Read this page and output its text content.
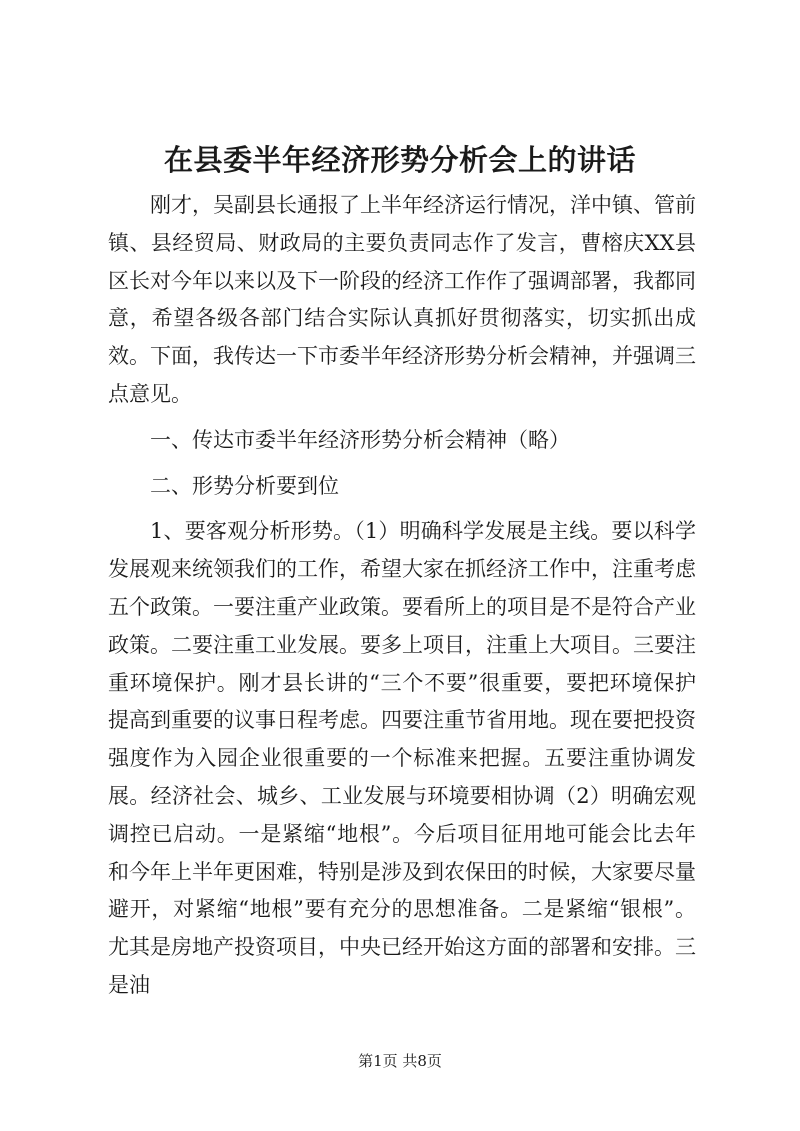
在县委半年经济形势分析会上的讲话

刚才，吴副县长通报了上半年经济运行情况，洋中镇、管前镇、县经贸局、财政局的主要负责同志作了发言，曹榕庆XX县区长对今年以来以及下一阶段的经济工作作了强调部署，我都同意，希望各级各部门结合实际认真抓好贯彻落实，切实抓出成效。下面，我传达一下市委半年经济形势分析会精神，并强调三点意见。

一、传达市委半年经济形势分析会精神（略）

二、形势分析要到位

1、要客观分析形势。（1）明确科学发展是主线。要以科学发展观来统领我们的工作，希望大家在抓经济工作中，注重考虑五个政策。一要注重产业政策。要看所上的项目是不是符合产业政策。二要注重工业发展。要多上项目，注重上大项目。三要注重环境保护。刚才县长讲的“三个不要”很重要，要把环境保护提高到重要的议事日程考虑。四要注重节省用地。现在要把投资强度作为入园企业很重要的一个标准来把握。五要注重协调发展。经济社会、城乡、工业发展与环境要相协调（2）明确宏观调控已启动。一是紧缩“地根”。今后项目征用地可能会比去年和今年上半年更困难，特别是涉及到农保田的时候，大家要尽量避开，对紧缩“地根”要有充分的思想准备。二是紧缩“银根”。尤其是房地产投资项目，中央已经开始这方面的部署和安排。三是油

第1页 共8页
